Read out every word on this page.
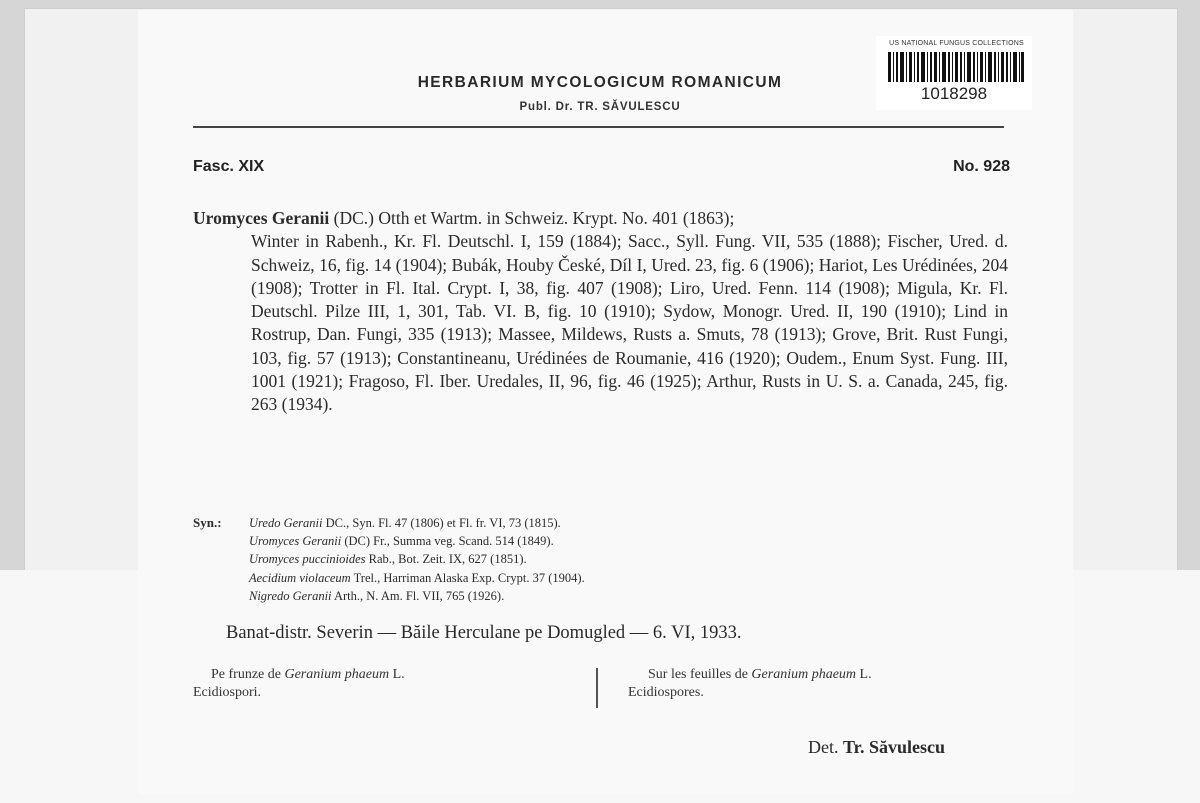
US NATIONAL FUNGUS COLLECTIONS
1018298
HERBARIUM MYCOLOGICUM ROMANICUM
Publ. Dr. TR. SĂVULESCU
Fasc. XIX	No. 928
Uromyces Geranii (DC.) Otth et Wartm. in Schweiz. Krypt. No. 401 (1863);
Winter in Rabenh., Kr. Fl. Deutschl. I, 159 (1884); Sacc., Syll. Fung. VII, 535 (1888); Fischer, Ured. d. Schweiz, 16, fig. 14 (1904); Bubák, Houby České, Díl I, Ured. 23, fig. 6 (1906); Hariot, Les Urédinées, 204 (1908); Trotter in Fl. Ital. Crypt. I, 38, fig. 407 (1908); Liro, Ured. Fenn. 114 (1908); Migula, Kr. Fl. Deutschl. Pilze III, 1, 301, Tab. VI. B, fig. 10 (1910); Sydow, Monogr. Ured. II, 190 (1910); Lind in Rostrup, Dan. Fungi, 335 (1913); Massee, Mildews, Rusts a. Smuts, 78 (1913); Grove, Brit. Rust Fungi, 103, fig. 57 (1913); Constantineanu, Urédinées de Roumanie, 416 (1920); Oudem., Enum Syst. Fung. III, 1001 (1921); Fragoso, Fl. Iber. Uredales, II, 96, fig. 46 (1925); Arthur, Rusts in U. S. a. Canada, 245, fig. 263 (1934).
Syn.: Uredo Geranii DC., Syn. Fl. 47 (1806) et Fl. fr. VI, 73 (1815).
Uromyces Geranii (DC) Fr., Summa veg. Scand. 514 (1849).
Uromyces puccinioides Rab., Bot. Zeit. IX, 627 (1851).
Aecidium violaceum Trel., Harriman Alaska Exp. Crypt. 37 (1904).
Nigredo Geranii Arth., N. Am. Fl. VII, 765 (1926).
Banat-distr. Severin — Băile Herculane pe Domugled — 6. VI, 1933.
Pe frunze de Geranium phaeum L.
Ecidiospori.
Sur les feuilles de Geranium phaeum L.
Ecidiospores.
Det. Tr. Săvulescu
